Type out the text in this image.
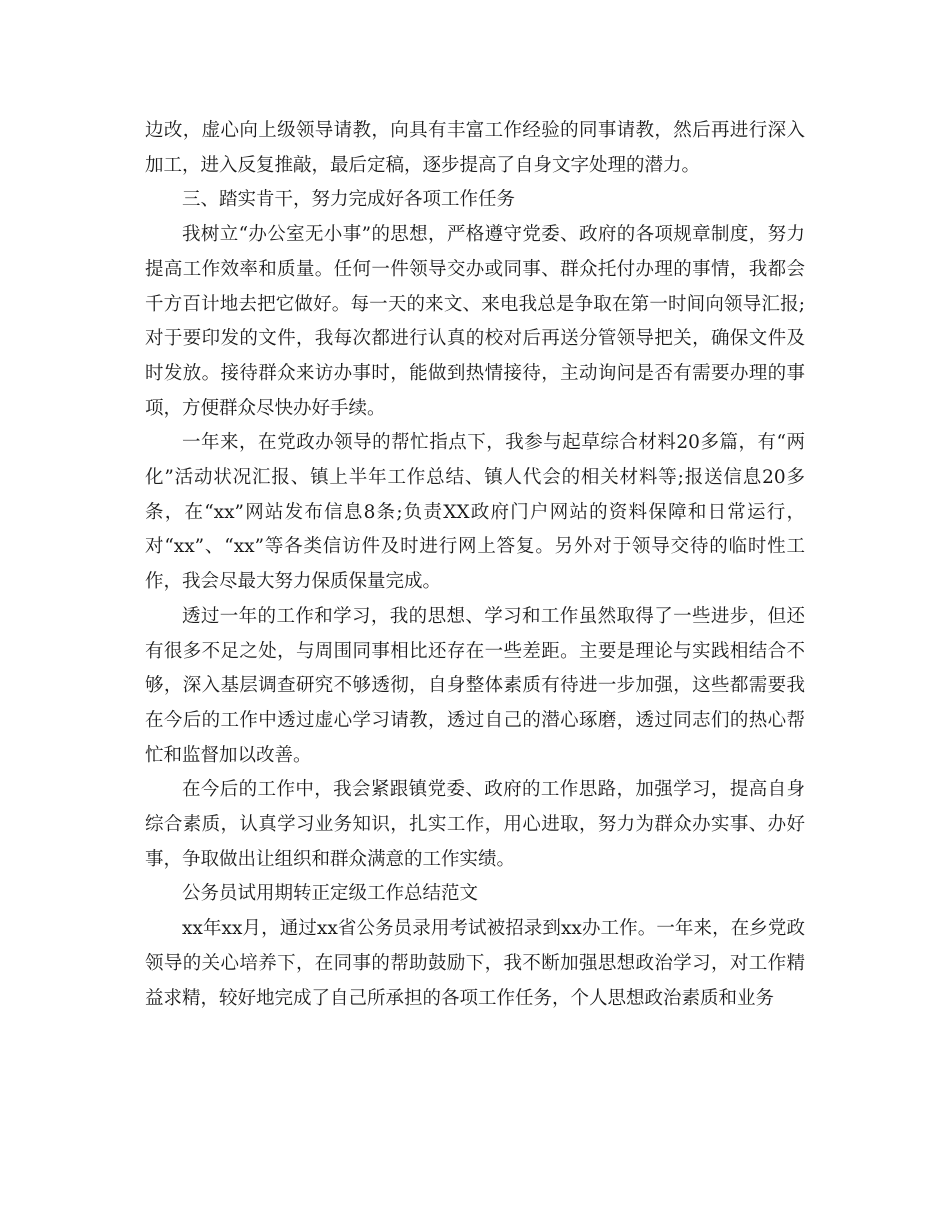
边改，虚心向上级领导请教，向具有丰富工作经验的同事请教，然后再进行深入加工，进入反复推敲，最后定稿，逐步提高了自身文字处理的潜力。

三、踏实肯干，努力完成好各项工作任务

我树立“办公室无小事”的思想，严格遵守党委、政府的各项规章制度，努力提高工作效率和质量。任何一件领导交办或同事、群众托付办理的事情，我都会千方百计地去把它做好。每一天的来文、来电我总是争取在第一时间向领导汇报;对于要印发的文件，我每次都进行认真的校对后再送分管领导把关，确保文件及时发放。接待群众来访办事时，能做到热情接待，主动询问是否有需要办理的事项，方便群众尽快办好手续。

一年来，在党政办领导的帮忙指点下，我参与起草综合材料20多篇，有“两化”活动状况汇报、镇上半年工作总结、镇人代会的相关材料等;报送信息20多条，在“xx”网站发布信息8条;负责XX政府门户网站的资料保障和日常运行，对“xx”、“xx”等各类信访件及时进行网上答复。另外对于领导交待的临时性工作，我会尽最大努力保质保量完成。

透过一年的工作和学习，我的思想、学习和工作虽然取得了一些进步，但还有很多不足之处，与周围同事相比还存在一些差距。主要是理论与实践相结合不够，深入基层调查研究不够透彻，自身整体素质有待进一步加强，这些都需要我在今后的工作中透过虚心学习请教，透过自己的潜心琢磨，透过同志们的热心帮忙和监督加以改善。

在今后的工作中，我会紧跟镇党委、政府的工作思路，加强学习，提高自身综合素质，认真学习业务知识，扎实工作，用心进取，努力为群众办实事、办好事，争取做出让组织和群众满意的工作实绩。

公务员试用期转正定级工作总结范文

xx年xx月，通过xx省公务员录用考试被招录到xx办工作。一年来，在乡党政领导的关心培养下，在同事的帮助鼓励下，我不断加强思想政治学习，对工作精益求精，较好地完成了自己所承担的各项工作任务，个人思想政治素质和业务
